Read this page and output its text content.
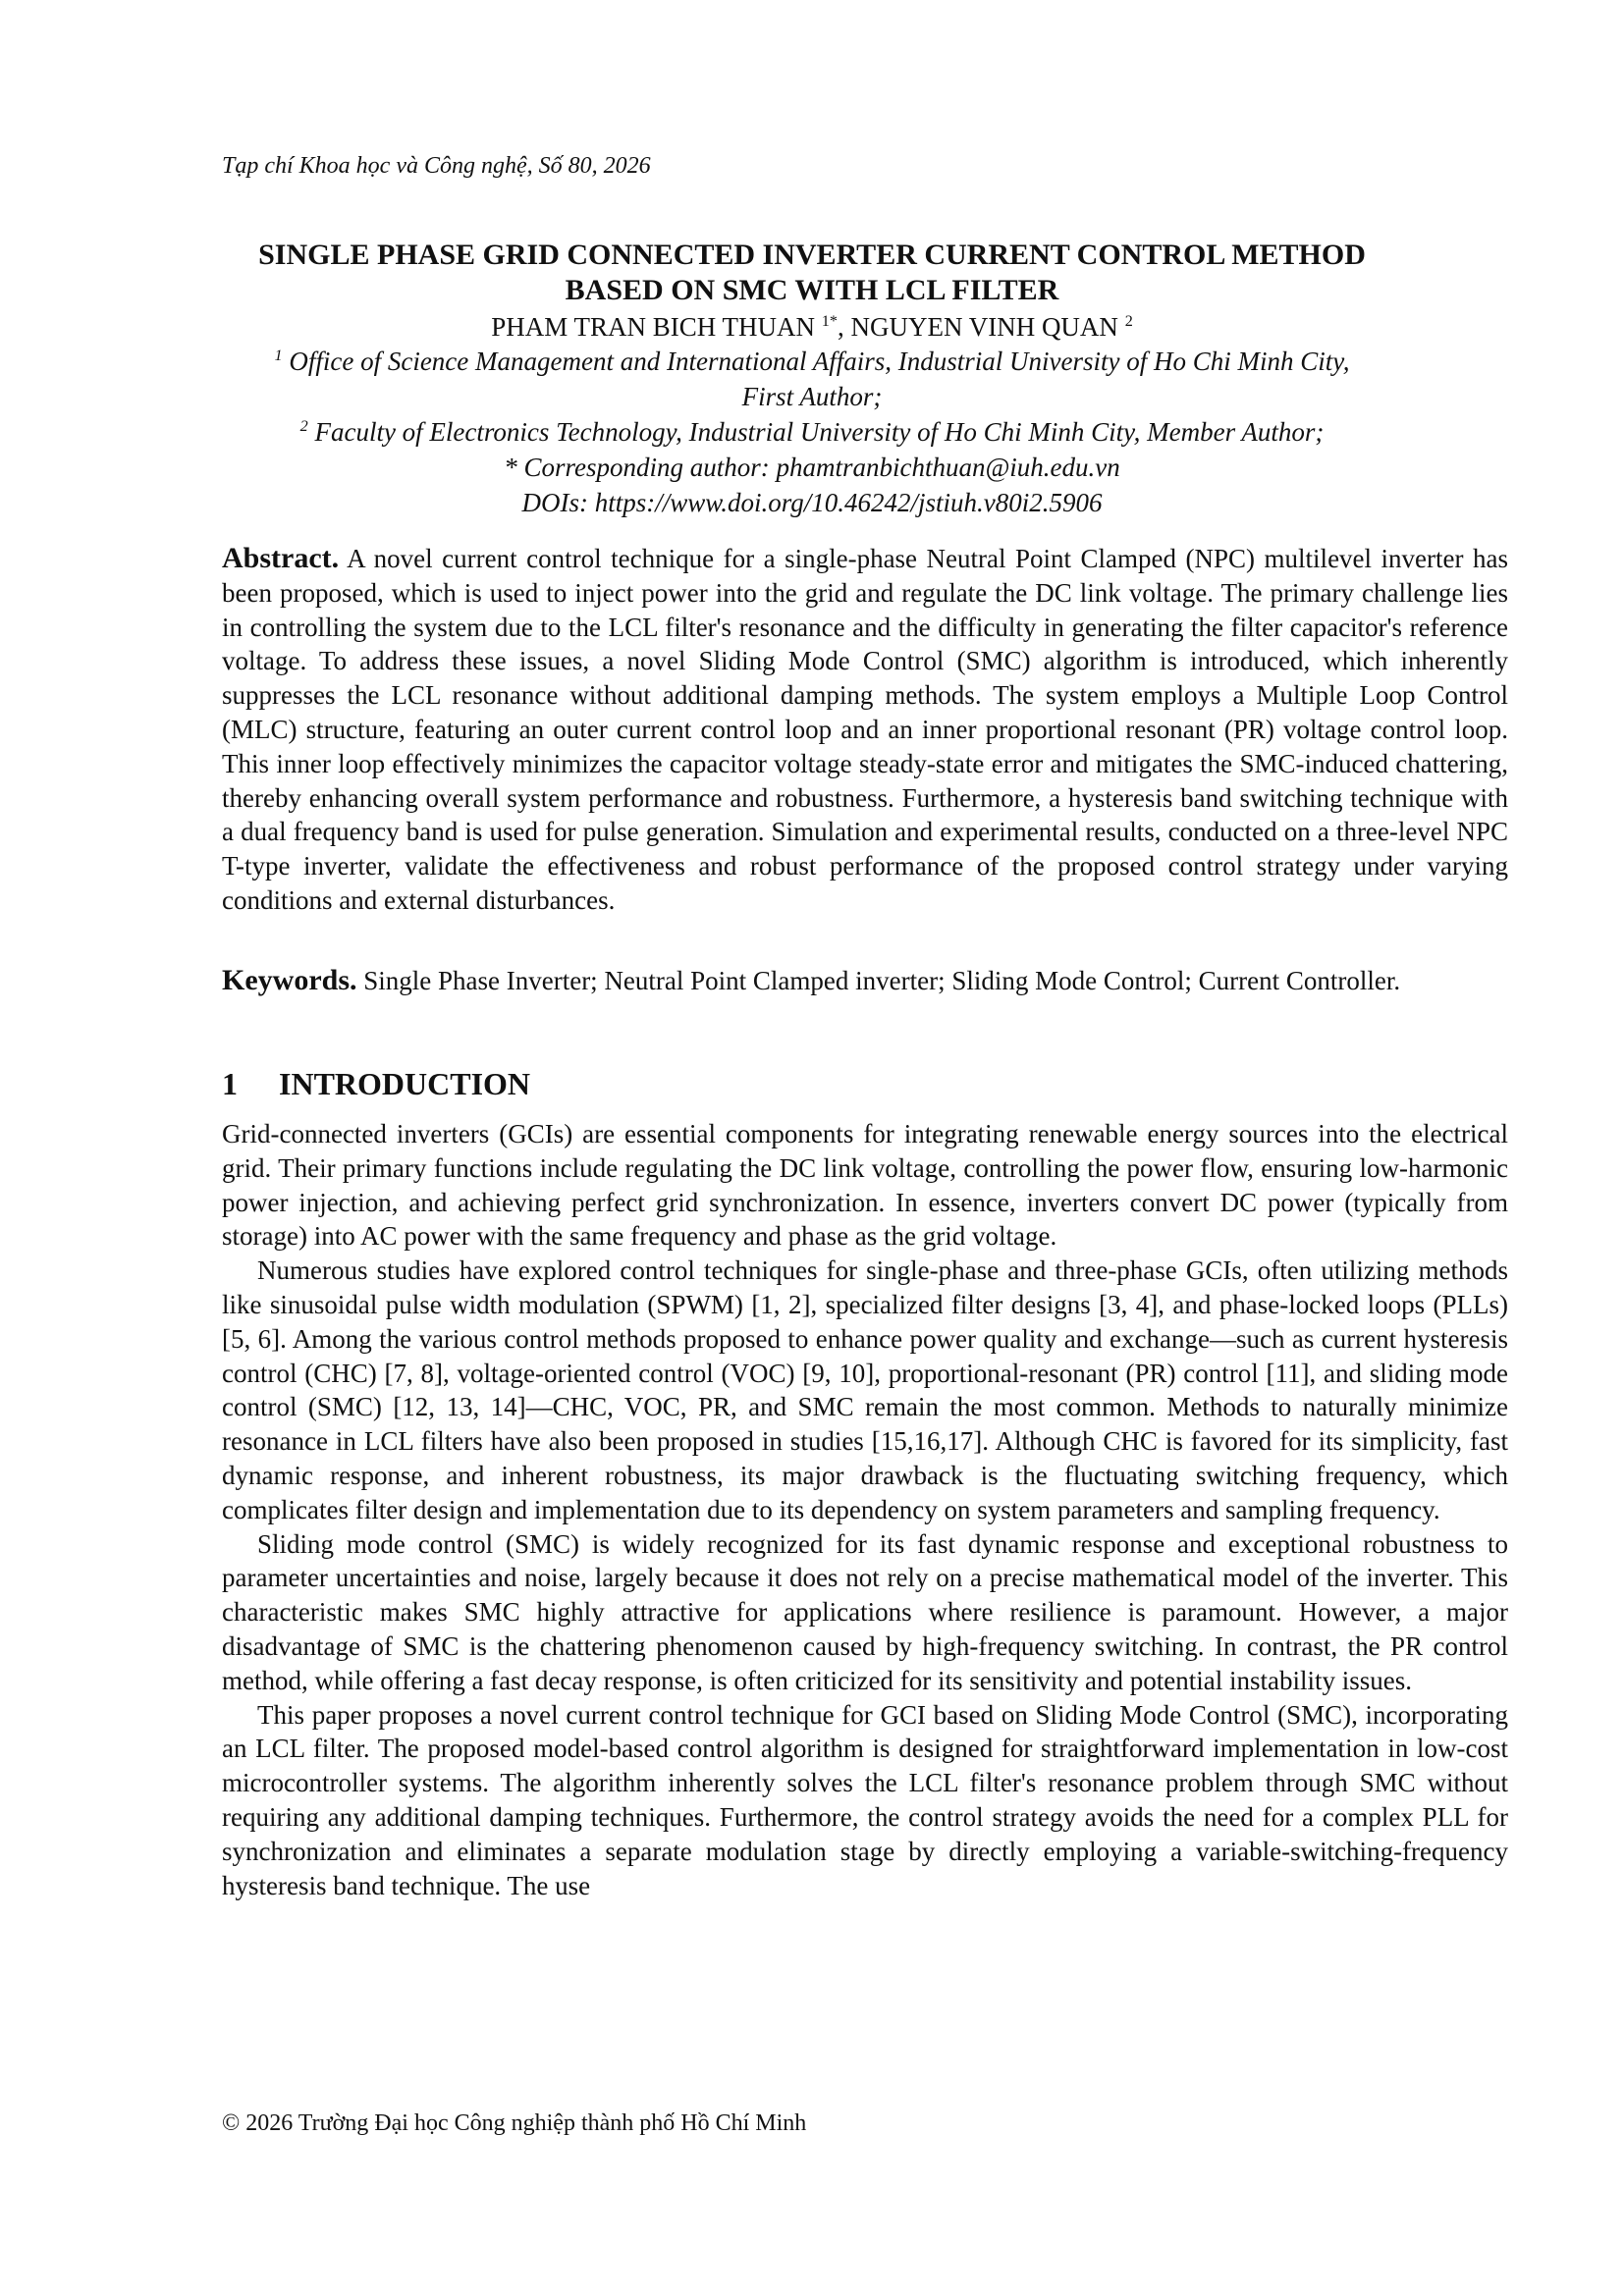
Tạp chí Khoa học và Công nghệ, Số 80, 2026
SINGLE PHASE GRID CONNECTED INVERTER CURRENT CONTROL METHOD
BASED ON SMC WITH LCL FILTER
PHAM TRAN BICH THUAN $^{1*}$, NGUYEN VINH QUAN $^2$
$^1$ Office of Science Management and International Affairs, Industrial University of Ho Chi Minh City,
First Author;
$^2$ Faculty of Electronics Technology, Industrial University of Ho Chi Minh City, Member Author;
* Corresponding author: phamtranbichthuan@iuh.edu.vn
DOIs: https://www.doi.org/10.46242/jstiuh.v80i2.5906
Abstract. A novel current control technique for a single-phase Neutral Point Clamped (NPC) multilevel inverter has been proposed, which is used to inject power into the grid and regulate the DC link voltage. The primary challenge lies in controlling the system due to the LCL filter's resonance and the difficulty in generating the filter capacitor's reference voltage. To address these issues, a novel Sliding Mode Control (SMC) algorithm is introduced, which inherently suppresses the LCL resonance without additional damping methods. The system employs a Multiple Loop Control (MLC) structure, featuring an outer current control loop and an inner proportional resonant (PR) voltage control loop. This inner loop effectively minimizes the capacitor voltage steady-state error and mitigates the SMC-induced chattering, thereby enhancing overall system performance and robustness. Furthermore, a hysteresis band switching technique with a dual frequency band is used for pulse generation. Simulation and experimental results, conducted on a three-level NPC T-type inverter, validate the effectiveness and robust performance of the proposed control strategy under varying conditions and external disturbances.
Keywords. Single Phase Inverter; Neutral Point Clamped inverter; Sliding Mode Control; Current Controller.
1 INTRODUCTION

Grid-connected inverters (GCIs) are essential components for integrating renewable energy sources into the electrical grid. Their primary functions include regulating the DC link voltage, controlling the power flow, ensuring low-harmonic power injection, and achieving perfect grid synchronization. In essence, inverters convert DC power (typically from storage) into AC power with the same frequency and phase as the grid voltage.

Numerous studies have explored control techniques for single-phase and three-phase GCIs, often utilizing methods like sinusoidal pulse width modulation (SPWM) [1, 2], specialized filter designs [3, 4], and phase-locked loops (PLLs) [5, 6]. Among the various control methods proposed to enhance power quality and exchange—such as current hysteresis control (CHC) [7, 8], voltage-oriented control (VOC) [9, 10], proportional-resonant (PR) control [11], and sliding mode control (SMC) [12, 13, 14]—CHC, VOC, PR, and SMC remain the most common. Methods to naturally minimize resonance in LCL filters have also been proposed in studies [15,16,17]. Although CHC is favored for its simplicity, fast dynamic response, and inherent robustness, its major drawback is the fluctuating switching frequency, which complicates filter design and implementation due to its dependency on system parameters and sampling frequency.

Sliding mode control (SMC) is widely recognized for its fast dynamic response and exceptional robustness to parameter uncertainties and noise, largely because it does not rely on a precise mathematical model of the inverter. This characteristic makes SMC highly attractive for applications where resilience is paramount. However, a major disadvantage of SMC is the chattering phenomenon caused by high-frequency switching. In contrast, the PR control method, while offering a fast decay response, is often criticized for its sensitivity and potential instability issues.

This paper proposes a novel current control technique for GCI based on Sliding Mode Control (SMC), incorporating an LCL filter. The proposed model-based control algorithm is designed for straightforward implementation in low-cost microcontroller systems. The algorithm inherently solves the LCL filter's resonance problem through SMC without requiring any additional damping techniques. Furthermore, the control strategy avoids the need for a complex PLL for synchronization and eliminates a separate modulation stage by directly employing a variable-switching-frequency hysteresis band technique. The use

© 2026 Trường Đại học Công nghiệp thành phố Hồ Chí Minh
